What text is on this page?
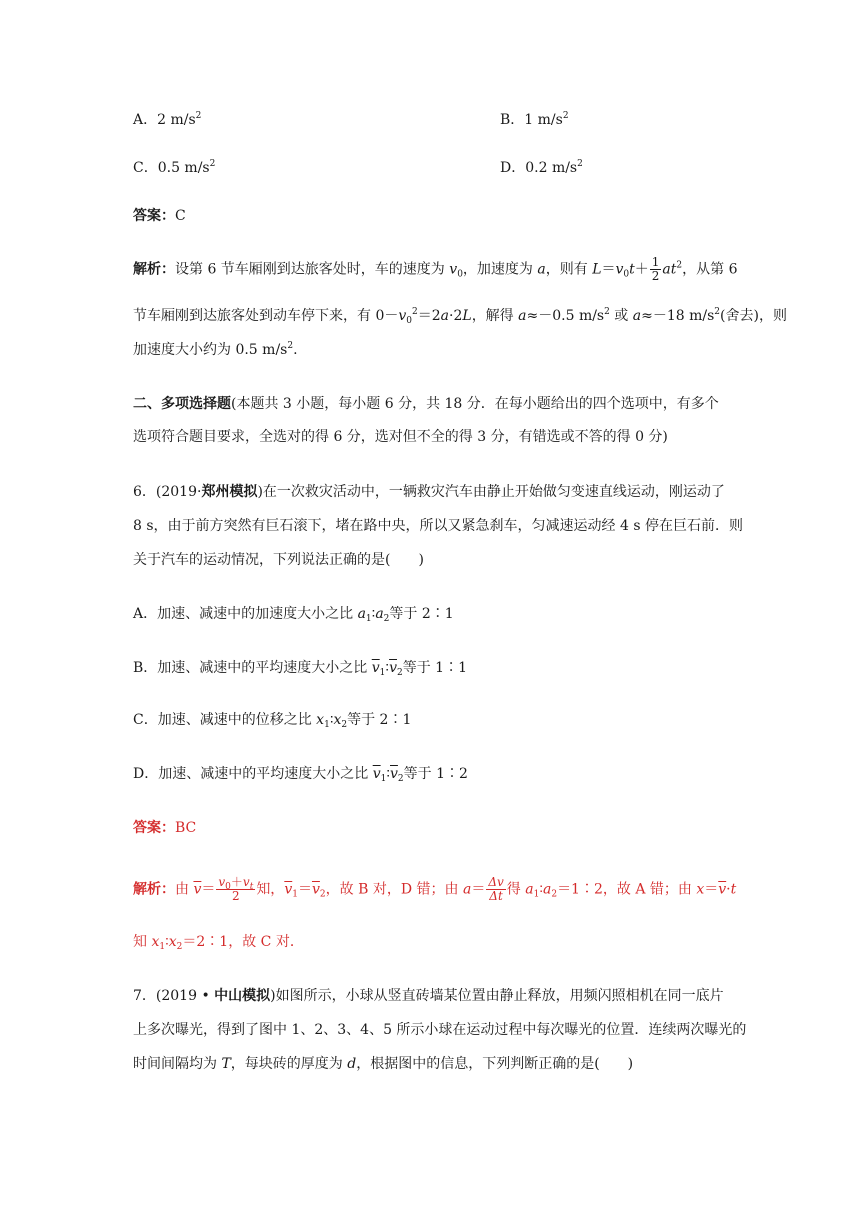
A．2 $m/s^2$	B．1 $m/s^2$
C．0.5 $m/s^2$	D．0.2 $m/s^2$
答案：C
解析：设第 6 节车厢刚到达旅客处时，车的速度为 $v_0$，加速度为 a，则有 $L=v_0t+ \frac{1}{2} at^2$，从第 6
节车厢刚到达旅客处到动车停下来，有 $0-v_0^2=2a\cdot 2L$，解得 a≈－0.5 $m/s^2$ 或 a≈－18 $m/s^2$(舍去)，则
加速度大小约为 0.5 $m/s^2$.
二、多项选择题(本题共 3 小题，每小题 6 分，共 18 分．在每小题给出的四个选项中，有多个
选项符合题目要求，全选对的得 6 分，选对但不全的得 3 分，有错选或不答的得 0 分)
6．(2019·郑州模拟)在一次救灾活动中，一辆救灾汽车由静止开始做匀变速直线运动，刚运动了
8 s，由于前方突然有巨石滚下，堵在路中央，所以又紧急刹车，匀减速运动经 4 s 停在巨石前．则
关于汽车的运动情况，下列说法正确的是(　　)
A．加速、减速中的加速度大小之比 $a_1∶a_2$等于 2∶1
B．加速、减速中的平均速度大小之比 $\overline{v}_1∶\overline{v}_2$等于 1∶1
C．加速、减速中的位移之比 $x_1∶x_2$等于 2∶1
D．加速、减速中的平均速度大小之比 $\overline{v}_1∶\overline{v}_2$等于 1∶2
答案：BC
解析：由 $\overline{v}= \frac{v_0+v_t}{2}$ 知，$\overline{v}_1=\overline{v}_2$，故 B 对，D 错；由 $a= \frac{\Delta v}{\Delta t}$ 得 $a_1∶a_2=1∶2$，故 A 错；由 $x=\overline{v}\cdot t$
知 $x_1∶x_2=2∶1$，故 C 对．
7．(2019 • 中山模拟)如图所示，小球从竖直砖墙某位置由静止释放，用频闪照相机在同一底片
上多次曝光，得到了图中 1、2、3、4、5 所示小球在运动过程中每次曝光的位置．连续两次曝光的
时间间隔均为 T，每块砖的厚度为 d，根据图中的信息，下列判断正确的是(　　)
